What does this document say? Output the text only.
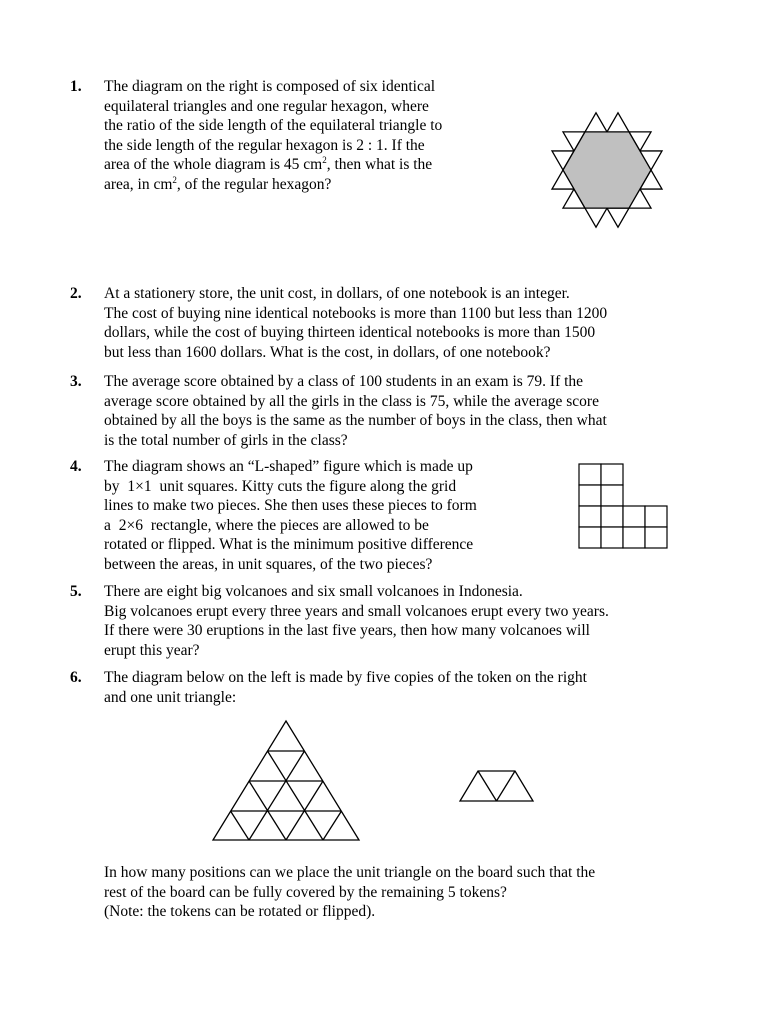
1.	The diagram on the right is composed of six identical
equilateral triangles and one regular hexagon, where
the ratio of the side length of the equilateral triangle to
the side length of the regular hexagon is 2 : 1. If the
area of the whole diagram is 45 $cm^2$, then what is the
area, in $cm^2$, of the regular hexagon?
2.	At a stationery store, the unit cost, in dollars, of one notebook is an integer.
The cost of buying nine identical notebooks is more than 1100 but less than 1200
dollars, while the cost of buying thirteen identical notebooks is more than 1500
but less than 1600 dollars. What is the cost, in dollars, of one notebook?
3.	The average score obtained by a class of 100 students in an exam is 79. If the
average score obtained by all the girls in the class is 75, while the average score
obtained by all the boys is the same as the number of boys in the class, then what
is the total number of girls in the class?
4.	The diagram shows an “L-shaped” figure which is made up
by 1×1 unit squares. Kitty cuts the figure along the grid
lines to make two pieces. She then uses these pieces to form
a 2×6 rectangle, where the pieces are allowed to be
rotated or flipped. What is the minimum positive difference
between the areas, in unit squares, of the two pieces?
5.	There are eight big volcanoes and six small volcanoes in Indonesia.
Big volcanoes erupt every three years and small volcanoes erupt every two years.
If there were 30 eruptions in the last five years, then how many volcanoes will
erupt this year?
6.	The diagram below on the left is made by five copies of the token on the right
and one unit triangle:
In how many positions can we place the unit triangle on the board such that the
rest of the board can be fully covered by the remaining 5 tokens?
(Note: the tokens can be rotated or flipped).
